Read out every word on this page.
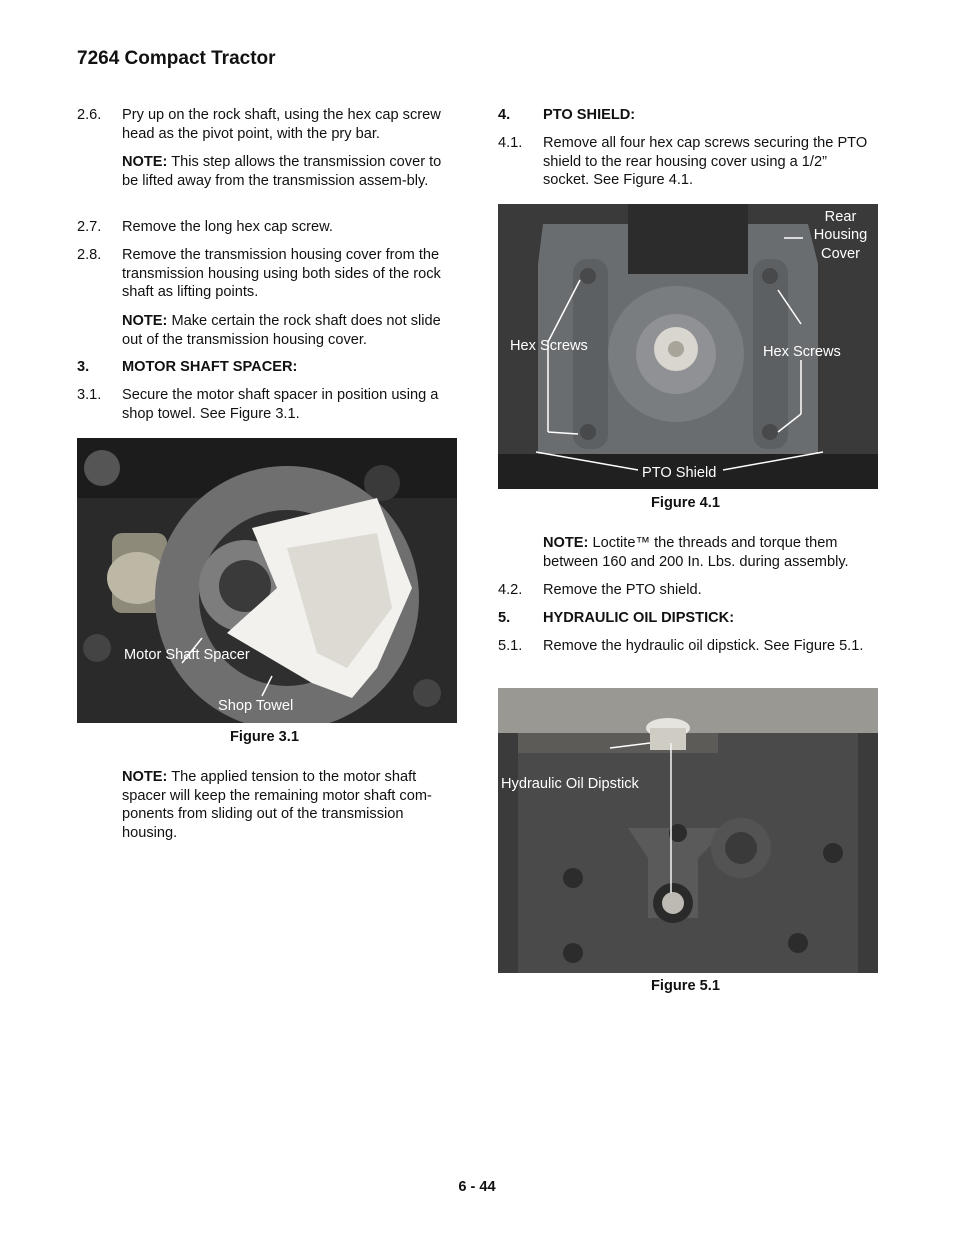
7264 Compact Tractor
2.6. Pry up on the rock shaft, using the hex cap screw head as the pivot point, with the pry bar.
NOTE: This step allows the transmission cover to be lifted away from the transmission assem-bly.
2.7. Remove the long hex cap screw.
2.8. Remove the transmission housing cover from the transmission housing using both sides of the rock shaft as lifting points.
NOTE: Make certain the rock shaft does not slide out of the transmission housing cover.
3. MOTOR SHAFT SPACER:
3.1. Secure the motor shaft spacer in position using a shop towel. See Figure 3.1.
Motor Shaft Spacer
Shop Towel
Figure 3.1
NOTE: The applied tension to the motor shaft spacer will keep the remaining motor shaft com-ponents from sliding out of the transmission housing.
4. PTO SHIELD:
4.1. Remove all four hex cap screws securing the PTO shield to the rear housing cover using a 1/2” socket. See Figure 4.1.
Rear Housing Cover
Hex Screws	Hex Screws
PTO Shield
Figure 4.1
NOTE: Loctite™ the threads and torque them between 160 and 200 In. Lbs. during assembly.
4.2. Remove the PTO shield.
5. HYDRAULIC OIL DIPSTICK:
5.1. Remove the hydraulic oil dipstick. See Figure 5.1.
Hydraulic Oil Dipstick
Figure 5.1
6 - 44
